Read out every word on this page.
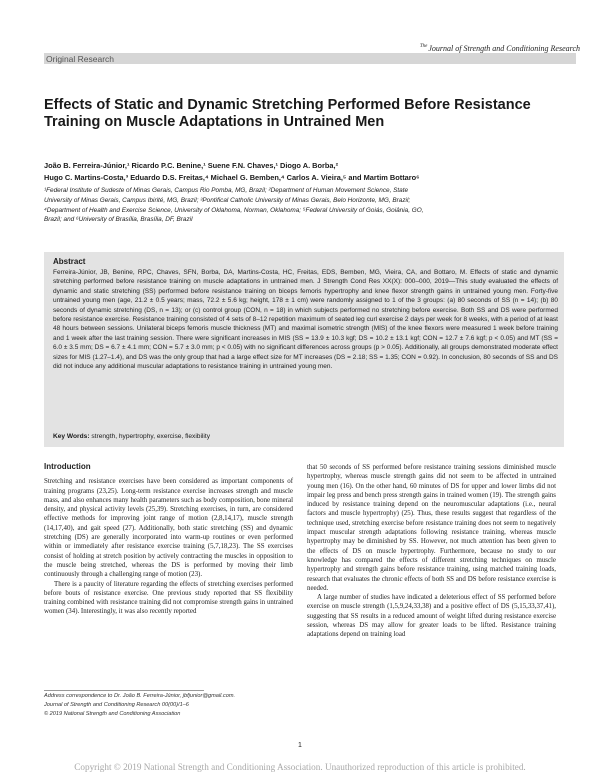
$^{The}$Journal of Strength and Conditioning Research
Original Research
Effects of Static and Dynamic Stretching Performed Before Resistance Training on Muscle Adaptations in Untrained Men

João B. Ferreira-Júnior,¹ Ricardo P.C. Benine,¹ Suene F.N. Chaves,¹ Diogo A. Borba,²

Hugo C. Martins-Costa,³ Eduardo D.S. Freitas,⁴ Michael G. Bemben,⁴ Carlos A. Vieira,⁵ and Martim Bottaro⁶

¹Federal Institute of Sudeste of Minas Gerais, Campus Rio Pomba, MG, Brazil; ²Department of Human Movement Science, State

University of Minas Gerais, Campus Ibirité, MG, Brazil; ³Pontifical Catholic University of Minas Gerais, Belo Horizonte, MG, Brazil;

⁴Department of Health and Exercise Science, University of Oklahoma, Norman, Oklahoma; ⁵Federal University of Goiás, Goiânia, GO,

Brazil; and ⁶University of Brasília, Brasília, DF, Brazil

Abstract

Ferreira-Júnior, JB, Benine, RPC, Chaves, SFN, Borba, DA, Martins-Costa, HC, Freitas, EDS, Bemben, MG, Vieira, CA, and Bottaro, M. Effects of static and dynamic stretching performed before resistance training on muscle adaptations in untrained men. J Strength Cond Res XX(X): 000–000, 2019—This study evaluated the effects of dynamic and static stretching (SS) performed before resistance training on biceps femoris hypertrophy and knee flexor strength gains in untrained young men. Forty-five untrained young men (age, 21.2 ± 0.5 years; mass, 72.2 ± 5.6 kg; height, 178 ± 1 cm) were randomly assigned to 1 of the 3 groups: (a) 80 seconds of SS (n = 14); (b) 80 seconds of dynamic stretching (DS, n = 13); or (c) control group (CON, n = 18) in which subjects performed no stretching before exercise. Both SS and DS were performed before resistance exercise. Resistance training consisted of 4 sets of 8–12 repetition maximum of seated leg curl exercise 2 days per week for 8 weeks, with a period of at least 48 hours between sessions. Unilateral biceps femoris muscle thickness (MT) and maximal isometric strength (MIS) of the knee flexors were measured 1 week before training and 1 week after the last training session. There were significant increases in MIS (SS = 13.9 ± 10.3 kgf; DS = 10.2 ± 13.1 kgf; CON = 12.7 ± 7.6 kgf; p < 0.05) and MT (SS = 6.0 ± 3.5 mm; DS = 6.7 ± 4.1 mm; CON = 5.7 ± 3.0 mm; p < 0.05) with no significant differences across groups (p > 0.05). Additionally, all groups demonstrated moderate effect sizes for MIS (1.27–1.4), and DS was the only group that had a large effect size for MT increases (DS = 2.18; SS = 1.35; CON = 0.92). In conclusion, 80 seconds of SS and DS did not induce any additional muscular adaptations to resistance training in untrained young men.

Key Words: strength, hypertrophy, exercise, flexibility
Introduction

Stretching and resistance exercises have been considered as important components of training programs (23,25). Long-term resistance exercise increases strength and muscle mass, and also enhances many health parameters such as body composition, bone mineral density, and physical activity levels (25,39). Stretching exercises, in turn, are considered effective methods for improving joint range of motion (2,8,14,17), muscle strength (14,17,40), and gait speed (27). Additionally, both static stretching (SS) and dynamic stretching (DS) are generally incorporated into warm-up routines or even performed within or immediately after resistance exercise training (5,7,18,23). The SS exercises consist of holding at stretch position by actively contracting the muscles in opposition to the muscle being stretched, whereas the DS is performed by moving their limb continuously through a challenging range of motion (23).

There is a paucity of literature regarding the effects of stretching exercises performed before bouts of resistance exercise. One previous study reported that SS flexibility training combined with resistance training did not compromise strength gains in untrained women (34). Interestingly, it was also recently reported

that 50 seconds of SS performed before resistance training sessions diminished muscle hypertrophy, whereas muscle strength gains did not seem to be affected in untrained young men (16). On the other hand, 60 minutes of DS for upper and lower limbs did not impair leg press and bench press strength gains in trained women (19). The strength gains induced by resistance training depend on the neuromuscular adaptations (i.e., neural factors and muscle hypertrophy) (25). Thus, these results suggest that regardless of the technique used, stretching exercise before resistance training does not seem to negatively impact muscular strength adaptations following resistance training, whereas muscle hypertrophy may be diminished by SS. However, not much attention has been given to the effects of DS on muscle hypertrophy. Furthermore, because no study to our knowledge has compared the effects of different stretching techniques on muscle hypertrophy and strength gains before resistance training, using matched training loads, research that evaluates the chronic effects of both SS and DS before resistance exercise is needed.

A large number of studies have indicated a deleterious effect of SS performed before exercise on muscle strength (1,5,9,24,33,38) and a positive effect of DS (5,15,33,37,41), suggesting that SS results in a reduced amount of weight lifted during resistance exercise session, whereas DS may allow for greater loads to be lifted. Resistance training adaptations depend on training load

Address correspondence to Dr. João B. Ferreira-Júnior, jbfjunior@gmail.com.

Journal of Strength and Conditioning Research 00(00)/1–6

© 2019 National Strength and Conditioning Association

1
Copyright © 2019 National Strength and Conditioning Association. Unauthorized reproduction of this article is prohibited.
